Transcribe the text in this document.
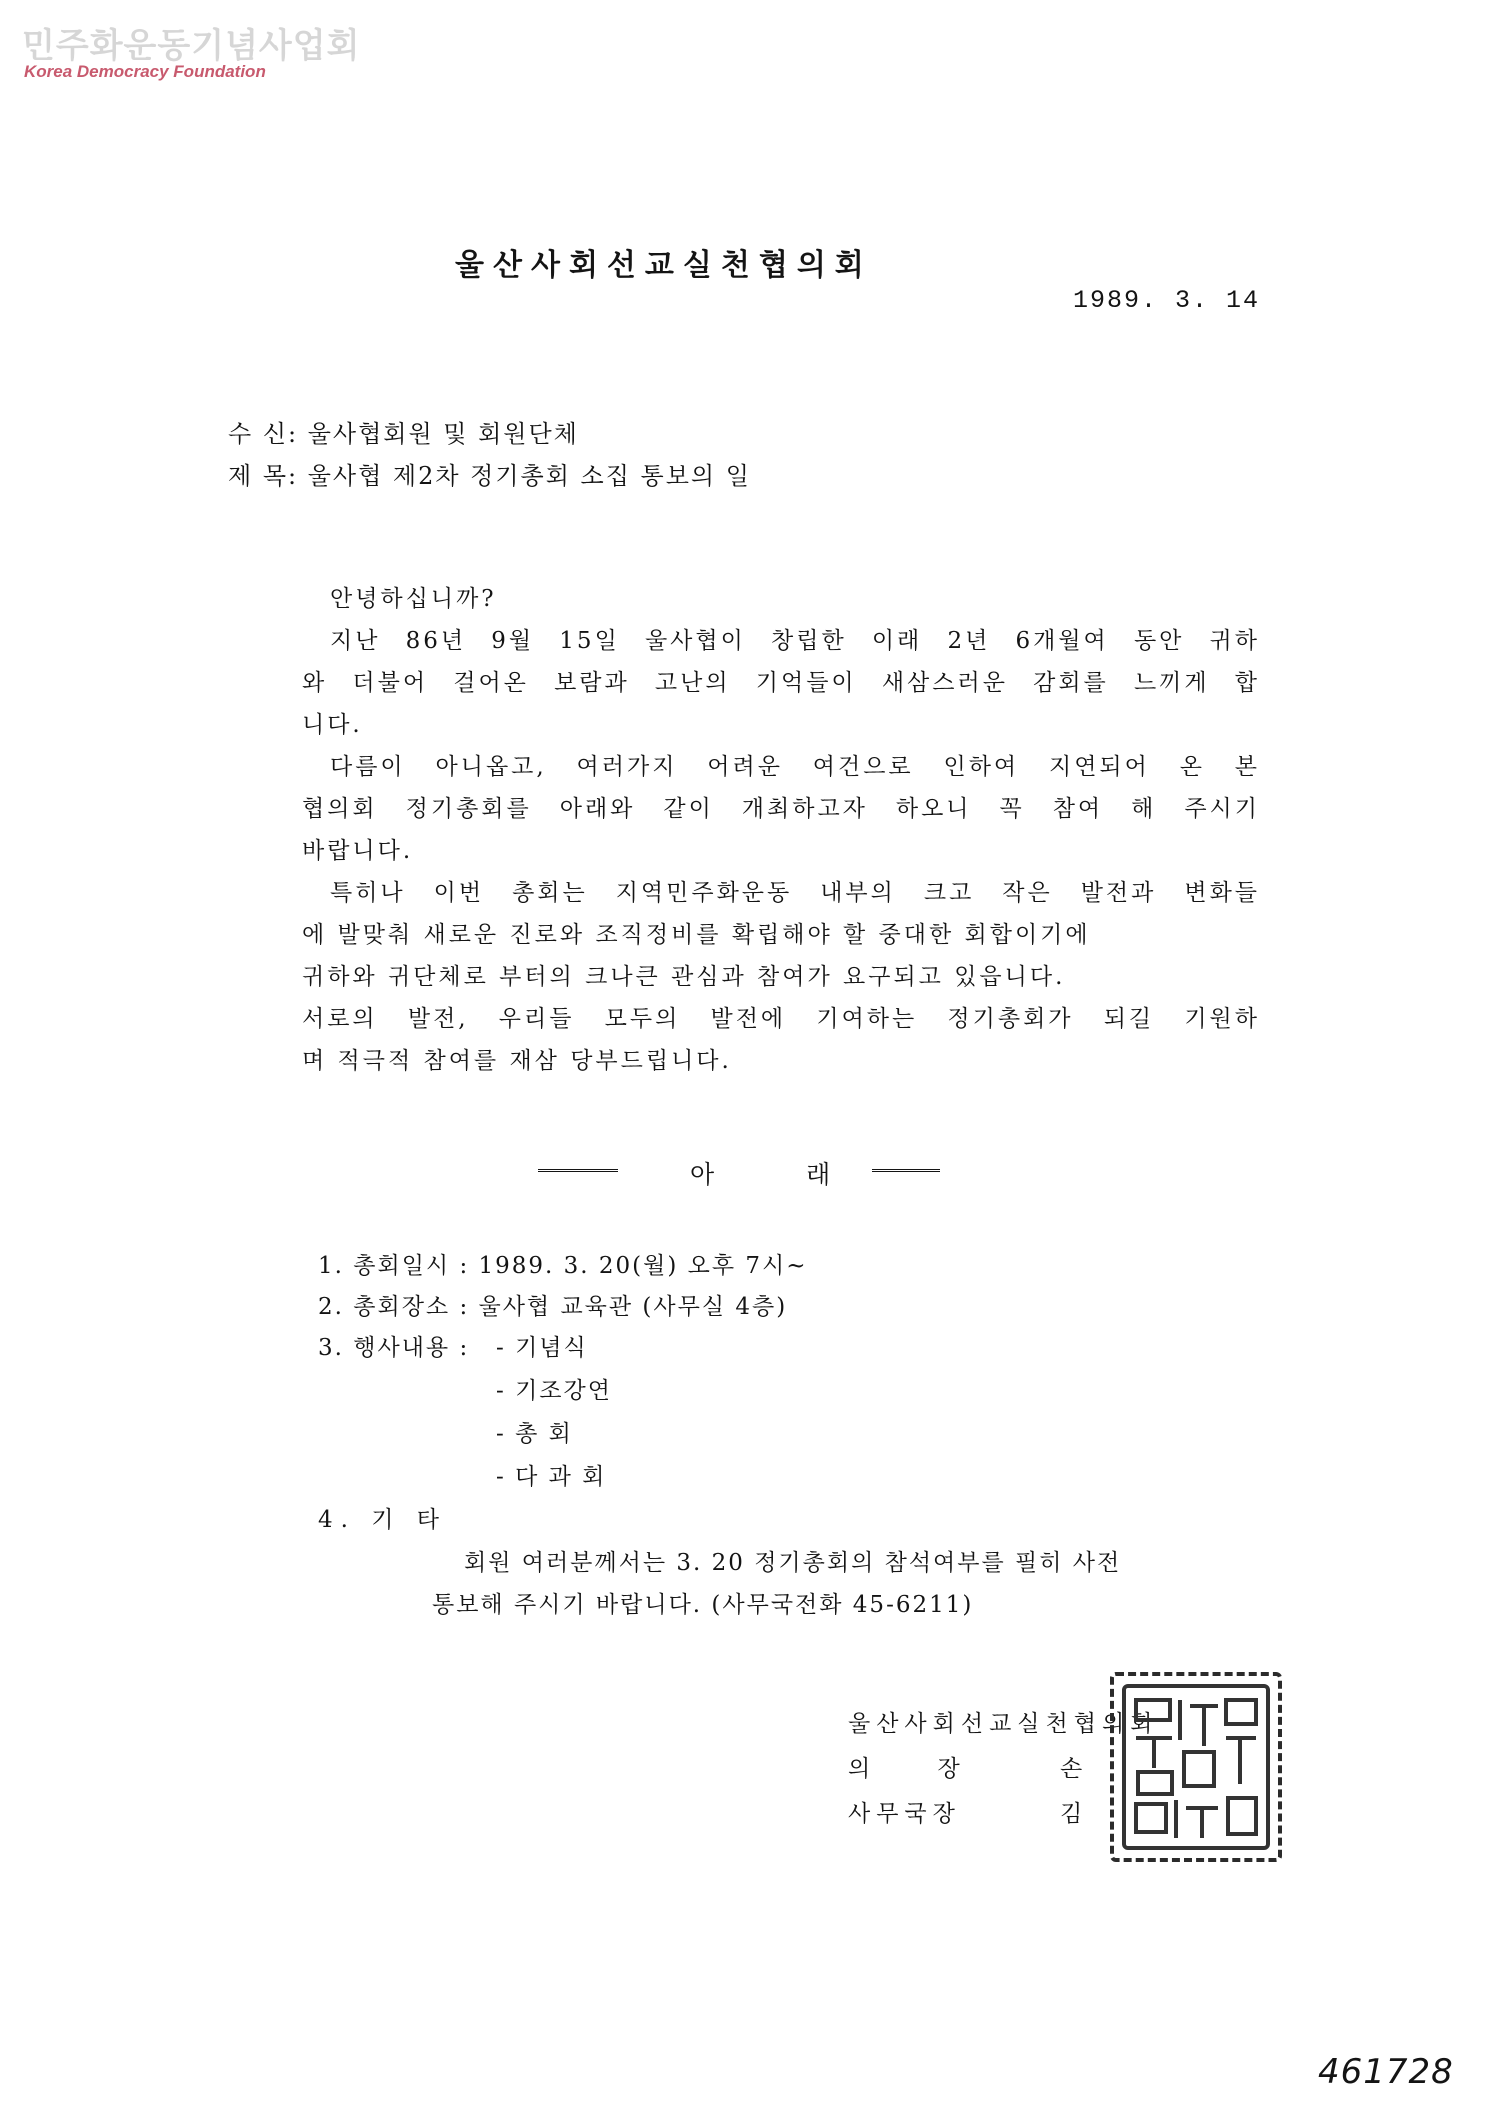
민주화운동기념사업회
Korea Democracy Foundation
울산사회선교실천협의회
1989. 3. 14
수 신: 울사협회원 및 회원단체
제 목: 울사협 제2차 정기총회 소집 통보의 일
안녕하십니까?
지난 86년 9월 15일 울사협이 창립한 이래 2년 6개월여 동안 귀하
와 더불어 걸어온 보람과 고난의 기억들이 새삼스러운 감회를 느끼게 합
니다.
다름이 아니옵고, 여러가지 어려운 여건으로 인하여 지연되어 온 본
협의회 정기총회를 아래와 같이 개최하고자 하오니 꼭 참여 해 주시기
바랍니다.
특히나 이번 총회는 지역민주화운동 내부의 크고 작은 발전과 변화들
에 발맞춰 새로운 진로와 조직정비를 확립해야 할 중대한 회합이기에
귀하와 귀단체로 부터의 크나큰 관심과 참여가 요구되고 있읍니다.
서로의 발전, 우리들 모두의 발전에 기여하는 정기총회가 되길 기원하
며 적극적 참여를 재삼 당부드립니다.
아 래
1. 총회일시 : 1989. 3. 20(월) 오후 7시~
2. 총회장소 : 울사협 교육관 (사무실 4층)
3. 행사내용 : - 기념식
- 기조강연
- 총 회
- 다 과 회
4. 기 타
회원 여러분께서는 3. 20 정기총회의 참석여부를 필히 사전
통보해 주시기 바랍니다. (사무국전화 45-6211)
울산사회선교실천협의회
의 장	손
사무국장	김
461728
